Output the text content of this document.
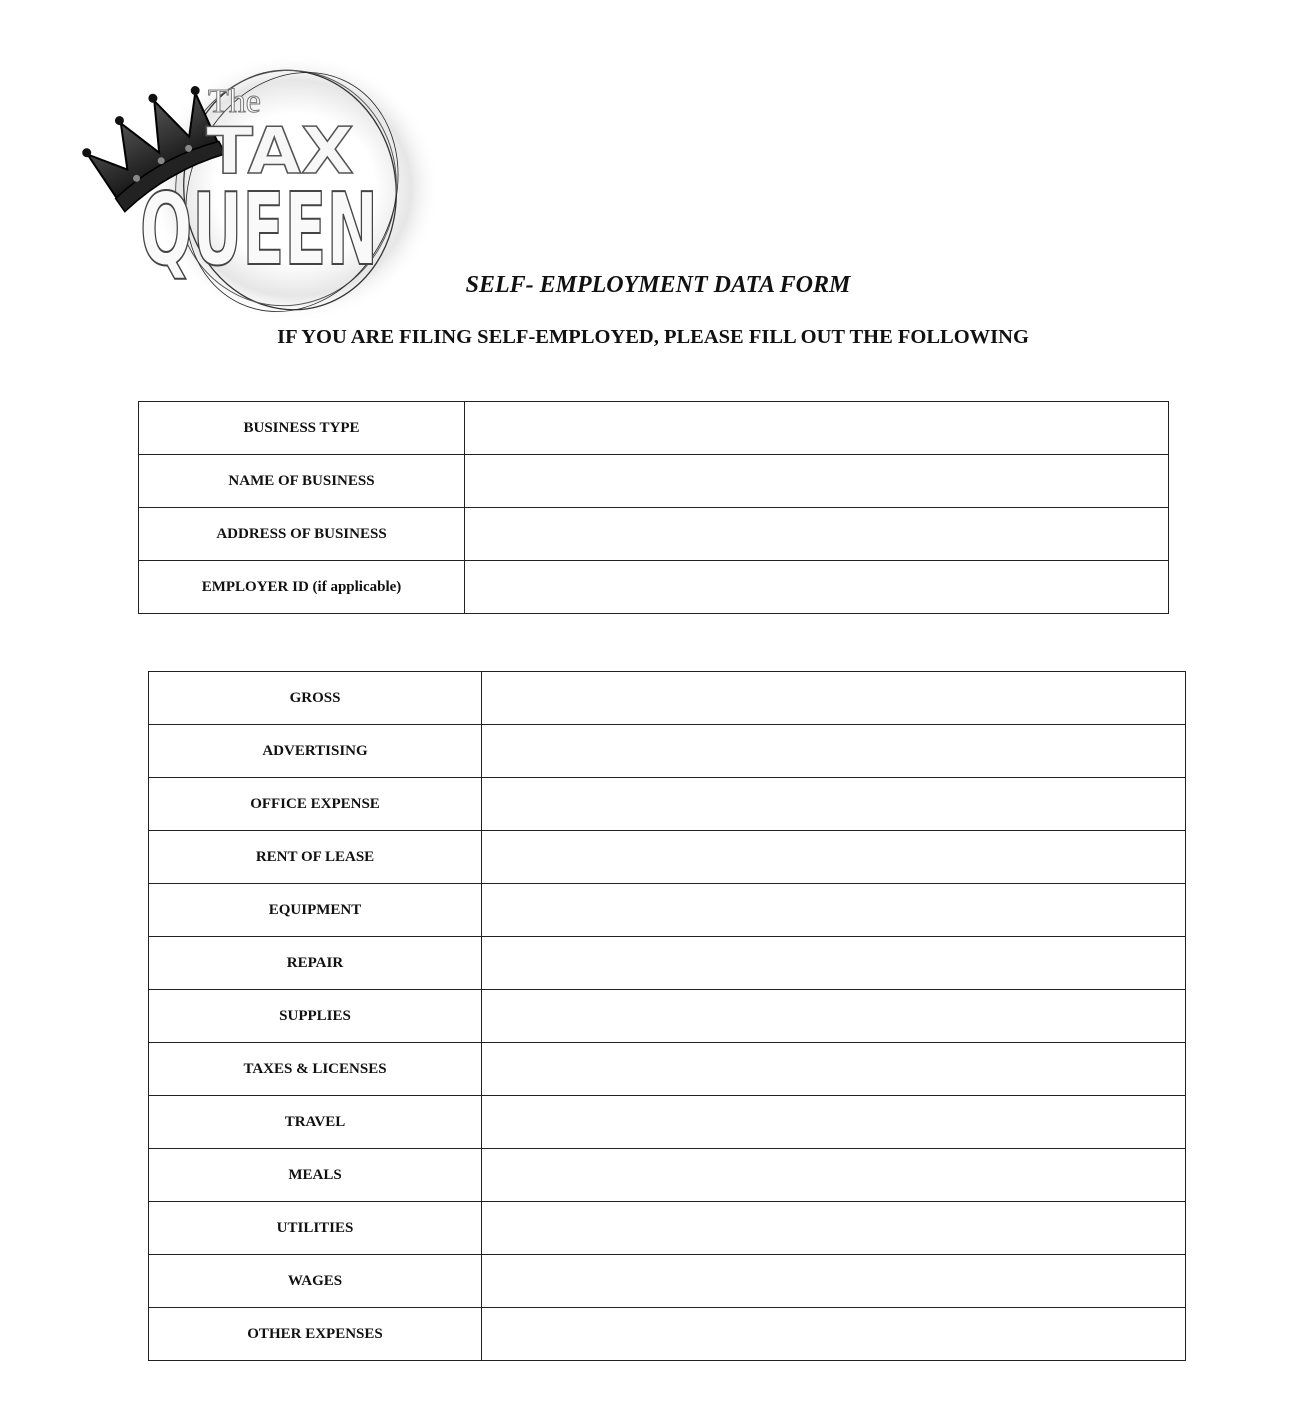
The
TAX
QUEEN	SELF- EMPLOYMENT DATA FORM
IF YOU ARE FILING SELF-EMPLOYED, PLEASE FILL OUT THE FOLLOWING
BUSINESS TYPE	
NAME OF BUSINESS	
ADDRESS OF BUSINESS	
EMPLOYER ID (if applicable)	
GROSS	
ADVERTISING	
OFFICE EXPENSE	
RENT OF LEASE	
EQUIPMENT	
REPAIR	
SUPPLIES	
TAXES & LICENSES	
TRAVEL	
MEALS	
UTILITIES	
WAGES	
OTHER EXPENSES	
